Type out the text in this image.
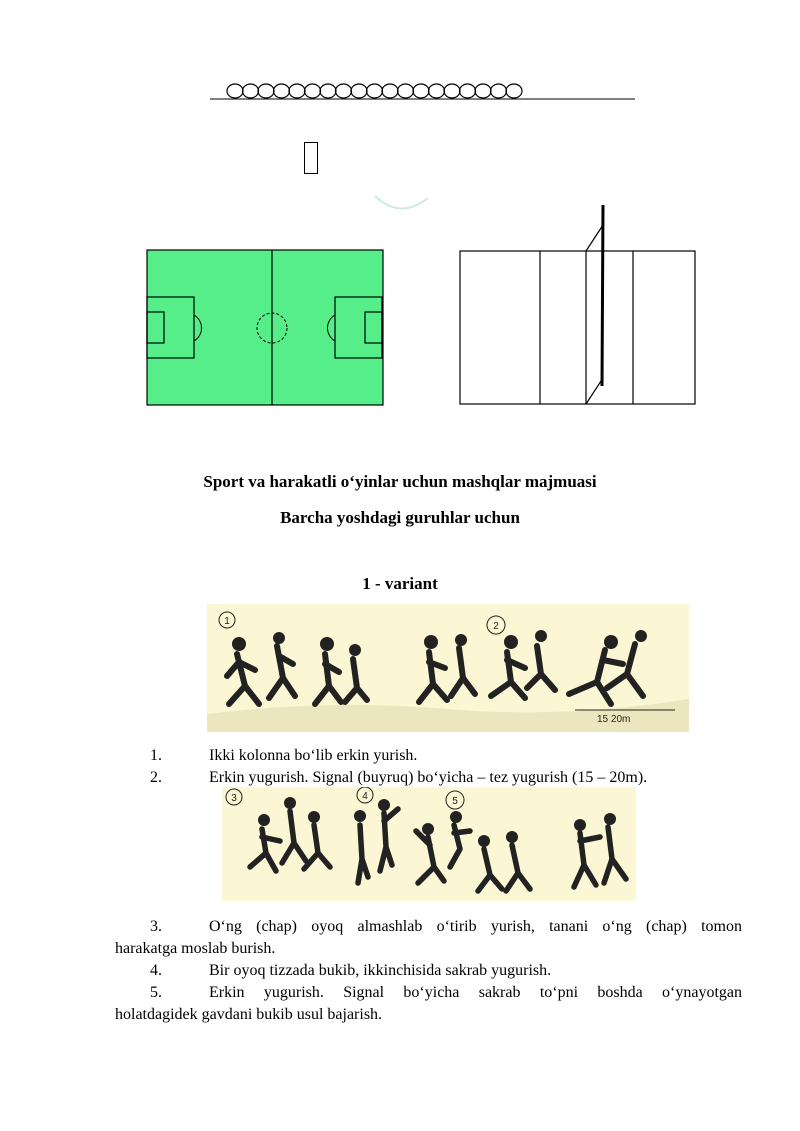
Sport va harakatli o‘yinlar uchun mashqlar majmuasi
Barcha yoshdagi guruhlar uchun
1 - variant
1	2
15 20m
1.	Ikki kolonna bo‘lib erkin yurish.
2.	Erkin yugurish. Signal (buyruq) bo‘yicha – tez yugurish (15 – 20m).
3	4	5
3.	O‘ng (chap) oyoq almashlab o‘tirib yurish, tanani o‘ng (chap) tomon
harakatga moslab burish.
4.	Bir oyoq tizzada bukib, ikkinchisida sakrab yugurish.
5.	Erkin yugurish. Signal bo‘yicha sakrab to‘pni boshda o‘ynayotgan
holatdagidek gavdani bukib usul bajarish.
